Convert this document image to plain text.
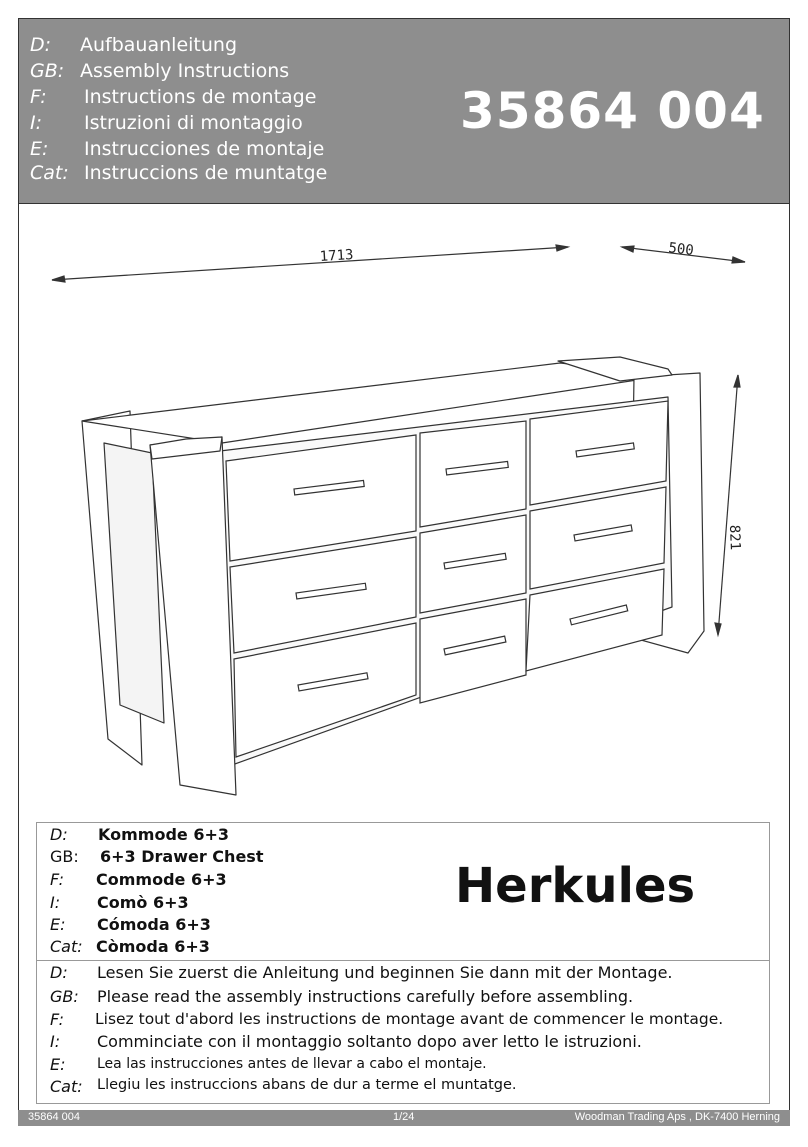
D: Aufbauanleitung
GB: Assembly Instructions
F: Instructions de montage
I: Istruzioni di montaggio
E: Instrucciones de montaje
Cat: Instruccions de muntatge
35864 004
1713	500
821
D: Kommode 6+3
GB: 6+3 Drawer Chest
F: Commode 6+3
I: Comò 6+3
E: Cómoda 6+3
Cat: Còmoda 6+3
Herkules
D: Lesen Sie zuerst die Anleitung und beginnen Sie dann mit der Montage.
GB: Please read the assembly instructions carefully before assembling.
F: Lisez tout d'abord les instructions de montage avant de commencer le montage.
I: Comminciate con il montaggio soltanto dopo aver letto le istruzioni.
E: Lea las instrucciones antes de llevar a cabo el montaje.
Cat: Llegiu les instruccions abans de dur a terme el muntatge.
35864 004	1/24	Woodman Trading Aps , DK-7400 Herning
